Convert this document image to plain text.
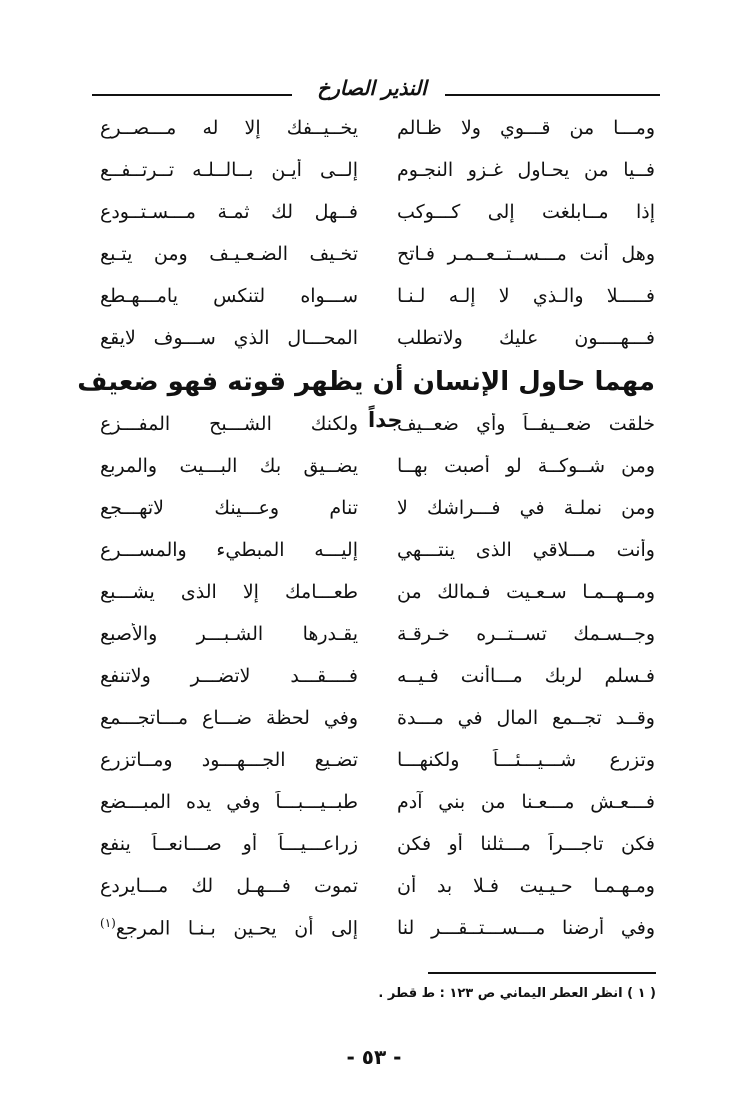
النذير الصارخ
ومـــا من قـــوي ولا ظـالم
يخــيــفك إلا له مـــصــرع
فــيا من يحـاول غـزو النجـوم
إلــى أيـن بــالــلـه تــرتــفــع
إذا مــابلغت إلى كـــوكب
فــهل لك ثمـة مـــسـتــودع
وهل أنت مـــســتــعــمـر فـاتح
تخـيف الضـعـيـف ومن يتـبع
فـــــلا والـذي لا إلـه لـنـا
ســـواه لتنكس يامـــهـطع
فـــهــــون عليك ولاتطلب
المحـــال الذي ســـوف لايقع
مهما حاول الإنسان أن يظهر قوته فهو ضعيف
جداً
خلقت ضعــيفــاً وأي ضعــيف
ولكنك الشـــبح المفـــزع
ومن شــوكــة لو أصبت بهــا
يضــيق بك البـــيت والمربع
ومن نملـة في فـــراشك لا
تنام وعـــينك لاتهـــجع
وأنت مـــلاقي الذى ينتـــهي
إليـــه المبطيء والمســـرع
ومــهــمـا سـعـيت فـمالك من
طعـــامك إلا الذى يشـــبع
وجــسـمك تســتــره خـرقـة
يقـدرها الشـبـــر والأصبع
فـسلم لربك مـــاأنت فـيــه
فــــقـــد لاتضـــر ولاتنفع
وقــد تجــمع المال في مـــدة
وفي لحظة ضـــاع مـــاتجـــمع
وتزرع شـــيـــئـــاً ولكنهـــا
تضـيع الجـــهـــود ومــاتزرع
فـــعـش مـــعـنا من بني آدم
طبــيـــبـــاً وفي يده المبـــضع
فكن تاجـــراً مـــثلنا أو فكن
زراعـــيـــاً أو صـــانعــاً ينفع
ومـهـمـا حـيـيت فـلا بد أن
تموت فـــهـل لك مـــايردع
وفي أرضنا مـــســـتــقـــر لنا
إلى أن يحـين بـنـا المرجع$^{(١)}$
( ١ ) انظر العطر اليماني ص ١٢٣ : ط قطر .
- ٥٣ -
